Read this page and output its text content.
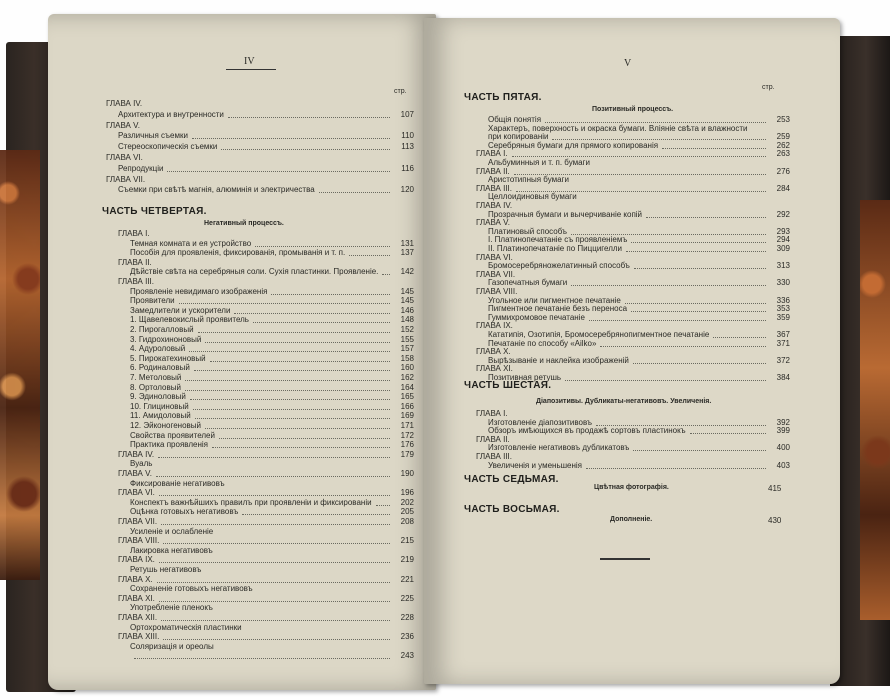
IV
стр.
ГЛАВА IV.
Архитектура и внутренности	107
ГЛАВА V.
Различныя съемки	110
Стереоскопическiя съемки	113
ГЛАВА VI.
Репродукцiи	116
ГЛАВА VII.
Съемки при свѣтѣ магнiя, алюминiя и электричества	120
ЧАСТЬ ЧЕТВЕРТАЯ.
Негативный процессъ.
ГЛАВА I.
Темная комната и ея устройство	131
Пособiя для проявленiя, фиксированiя, промыванiя и т. п.	137
ГЛАВА II.
Дѣйствiе свѣта на серебряныя соли. Сухiя пластинки. Проявленiе.	142
ГЛАВА III.
Проявленiе невидимаго изображенiя	145
Проявители	145
Замедлители и ускорители	146
1. Щавелевокислый проявитель	148
2. Пирогалловый	152
3. Гидрохиноновый	155
4. Адуроловый	157
5. Пирокатехиновый	158
6. Родиналовый	160
7. Метоловый	162
8. Ортоловый	164
9. Эдиноловый	165
10. Глициновый	166
11. Амидоловый	169
12. Эйконогеновый	171
Свойства проявителей	172
Практика проявленiя	176
ГЛАВА IV.	179
Вуаль
ГЛАВА V.	190
Фиксированiе негативовъ
ГЛАВА VI.	196
Конспектъ важнѣйшихъ правилъ при проявленiи и фиксированiи	202
Оцѣнка готовыхъ негативовъ	205
ГЛАВА VII.	208
Усиленiе и ослабленiе
ГЛАВА VIII.	215
Лакировка негативовъ
ГЛАВА IX.	219
Ретушь негативовъ
ГЛАВА X.	221
Сохраненiе готовыхъ негативовъ
ГЛАВА XI.	225
Употребленiе пленокъ
ГЛАВА XII.	228
Ортохроматическiя пластинки
ГЛАВА XIII.	236
Соляризацiя и ореолы
243
V
стр.
ЧАСТЬ ПЯТАЯ.
Позитивный процессъ.
Общiя понятiя	253
Характеръ, поверхность и окраска бумаги. Влiянiе свѣта и влажности
при копированiи	259
Серебряныя бумаги для прямого копированiя	262
ГЛАВА I.	263
Альбуминныя и т. п. бумаги
ГЛАВА II.	276
Аристотипныя бумаги
ГЛАВА III.	284
Целлоидиновыя бумаги
ГЛАВА IV.
Прозрачныя бумаги и вычерчиванiе копiй	292
ГЛАВА V.
Платиновый способъ	293
I. Платинопечатанiе съ проявленiемъ	294
II. Платинопечатанiе по Пиццигелли	309
ГЛАВА VI.
Бромосеребряножелатинный способъ	313
ГЛАВА VII.
Газопечатныя бумаги	330
ГЛАВА VIII.
Угольное или пигментное печатанiе	336
Пигментное печатанiе безъ переноса	353
Гуммихромовое печатанiе	359
ГЛАВА IX.
Кататипiя, Озотипiя, Бромосеребрянопигментное печатанiе	367
Печатанiе по способу «Ailko»	371
ГЛАВА X.
Вырѣзыванiе и наклейка изображенiй	372
ГЛАВА XI.
Позитивная ретушь	384
ЧАСТЬ ШЕСТАЯ.
Дiапозитивы. Дубликаты-негативовъ. Увеличенiя.
ГЛАВА I.
Изготовленiе дiапозитивовъ	392
Обзоръ имѣющихся въ продажѣ сортовъ пластинокъ	399
ГЛАВА II.
Изготовленiе негативовъ дубликатовъ	400
ГЛАВА III.
Увеличенiя и уменьшенiя	403
ЧАСТЬ СЕДЬМАЯ.
Цвѣтная фотографiя.	415
ЧАСТЬ ВОСЬМАЯ.
Дополненiе.	430
